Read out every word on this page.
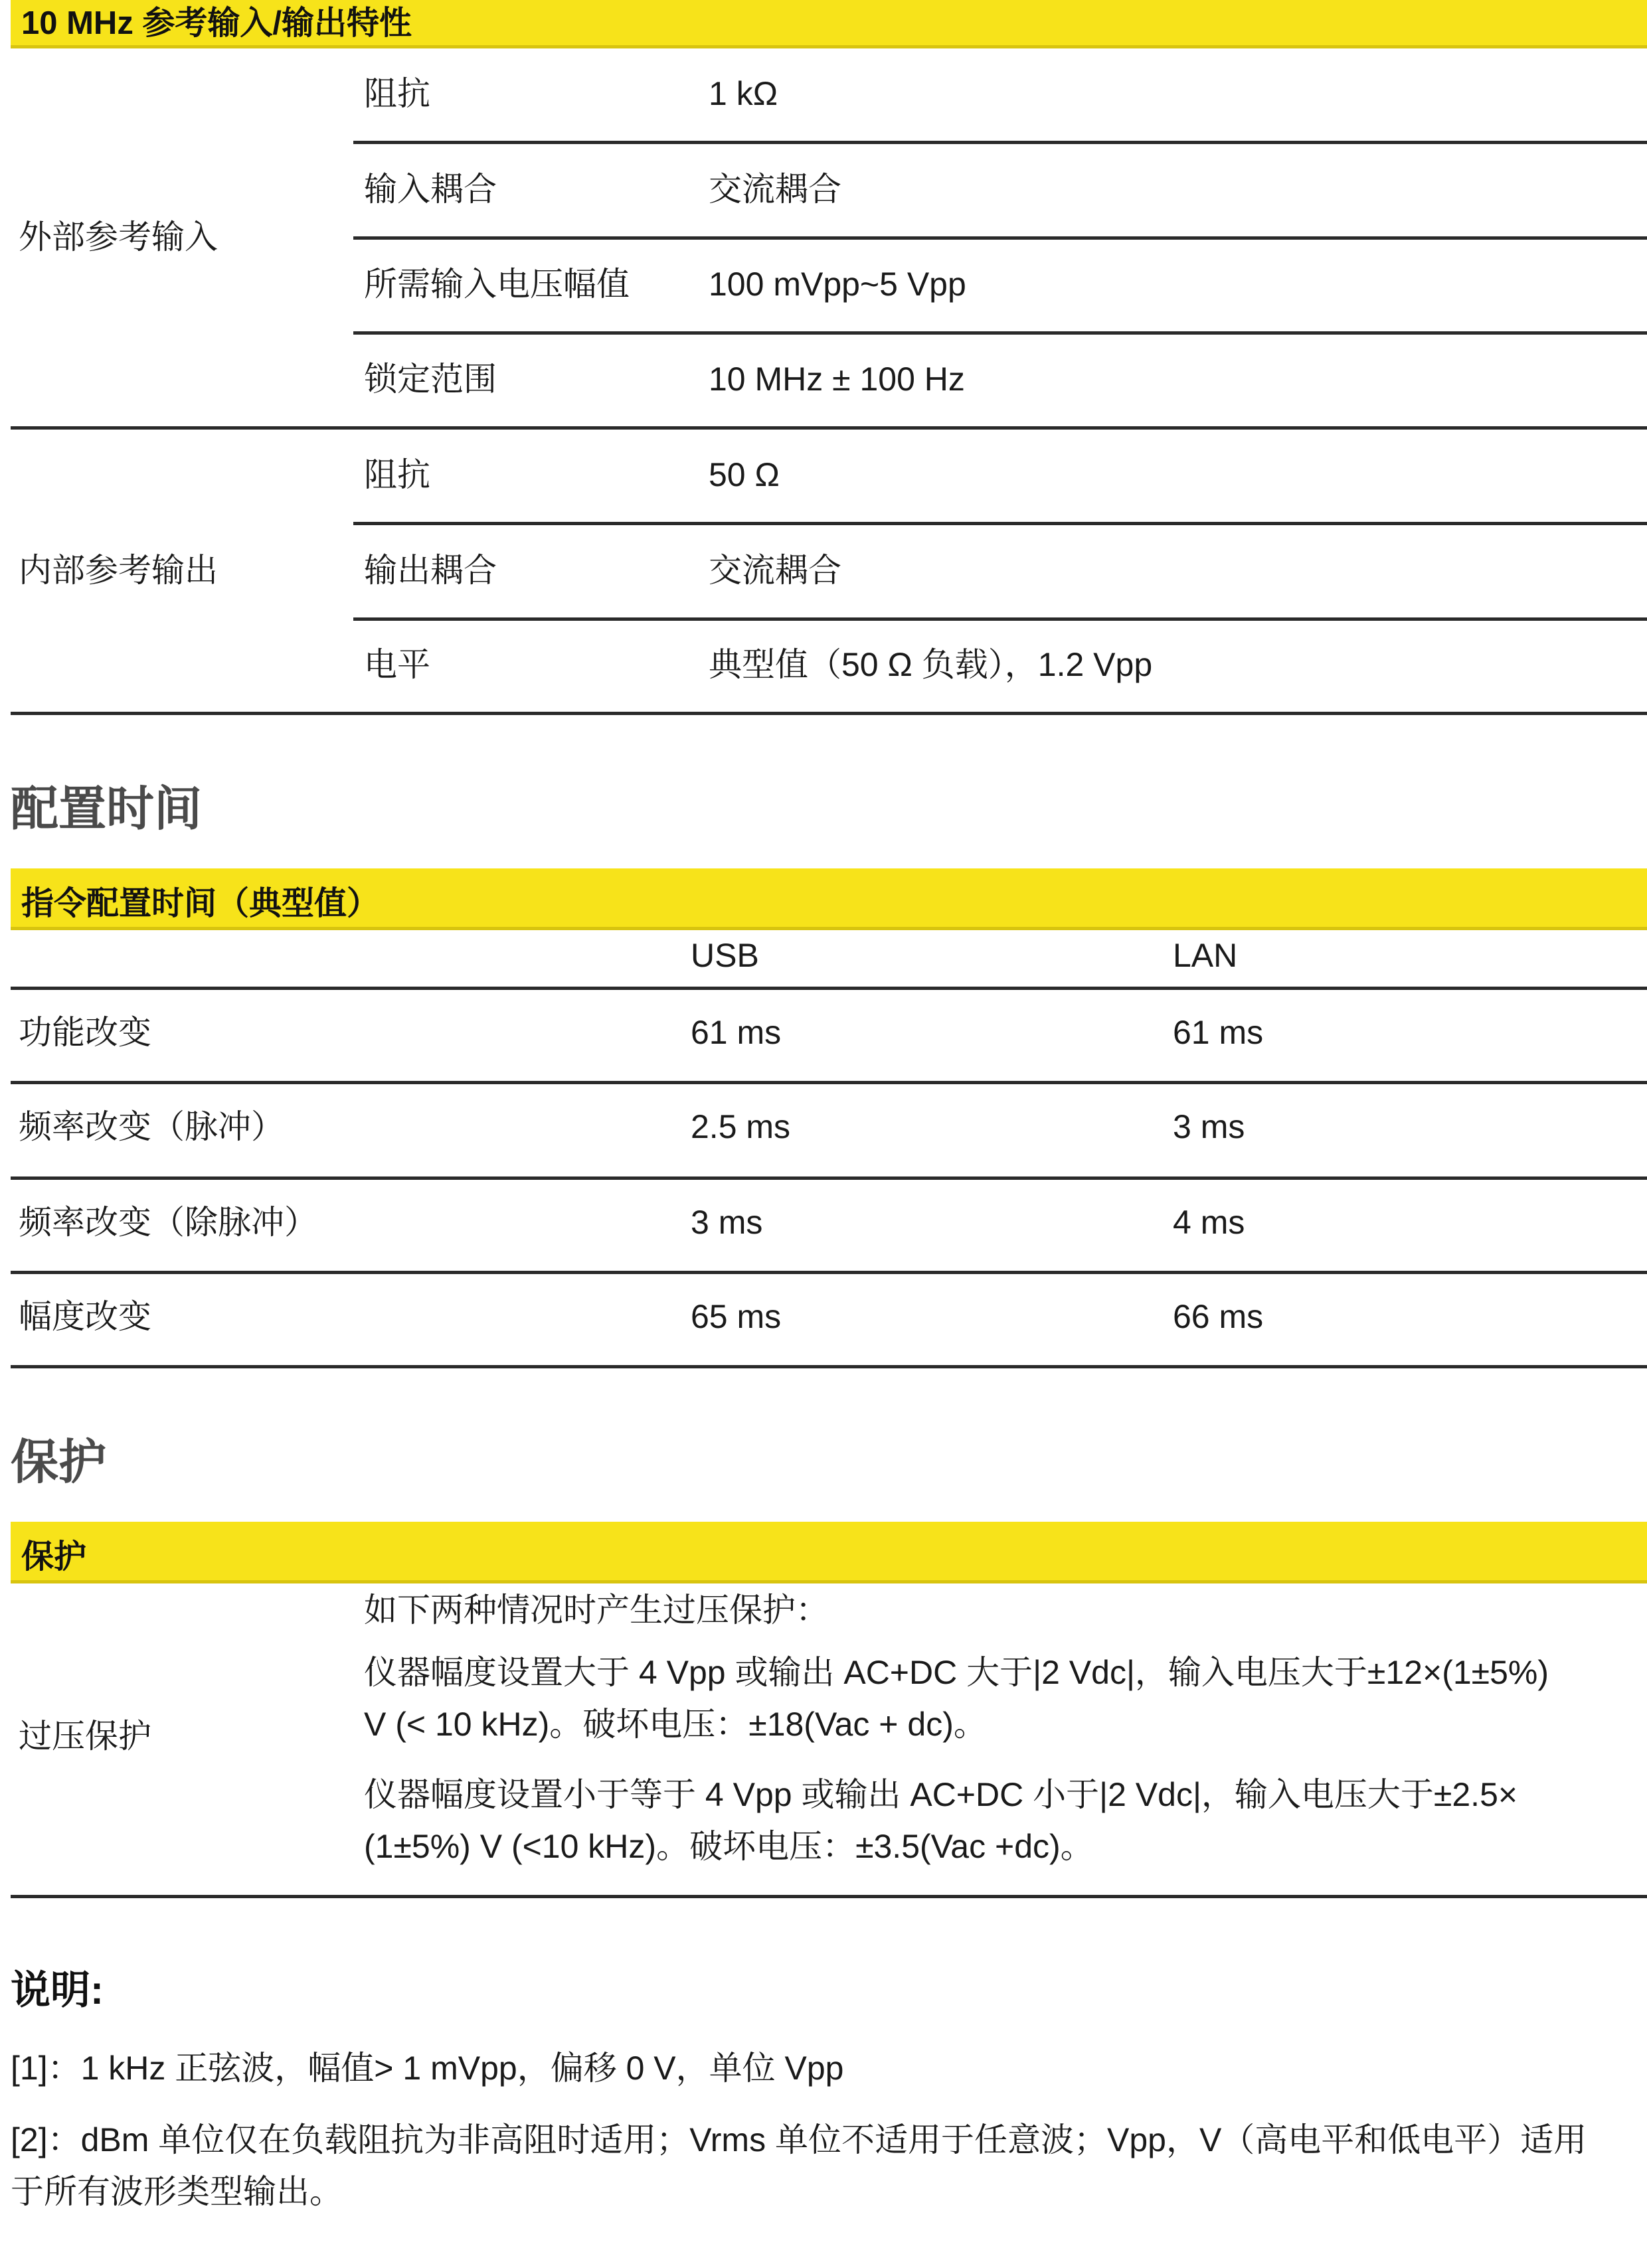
10 MHz 参考输入/输出特性
外部参考输入
阻抗	1 kΩ
输入耦合	交流耦合
所需输入电压幅值 100 mVpp~5 Vpp
锁定范围	10 MHz ± 100 Hz
内部参考输出
阻抗	50 Ω
输出耦合	交流耦合
电平	典型值（50 Ω 负载），1.2 Vpp
配置时间
指令配置时间（典型值）
USB	LAN
功能改变	61 ms	61 ms
频率改变（脉冲）	2.5 ms	3 ms
频率改变（除脉冲）	3 ms	4 ms
幅度改变	65 ms	66 ms
保护
保护
过压保护
如下两种情况时产生过压保护：
仪器幅度设置大于 4 Vpp 或输出 AC+DC 大于|2 Vdc|，输入电压大于±12×(1±5%)
V (< 10 kHz)。破坏电压：±18(Vac + dc)。
仪器幅度设置小于等于 4 Vpp 或输出 AC+DC 小于|2 Vdc|，输入电压大于±2.5×
(1±5%) V (<10 kHz)。破坏电压：±3.5(Vac +dc)。
说明:
[1]：1 kHz 正弦波，幅值> 1 mVpp，偏移 0 V，单位 Vpp
[2]：dBm 单位仅在负载阻抗为非高阻时适用；Vrms 单位不适用于任意波；Vpp，V（高电平和低电平）适用
于所有波形类型输出。
